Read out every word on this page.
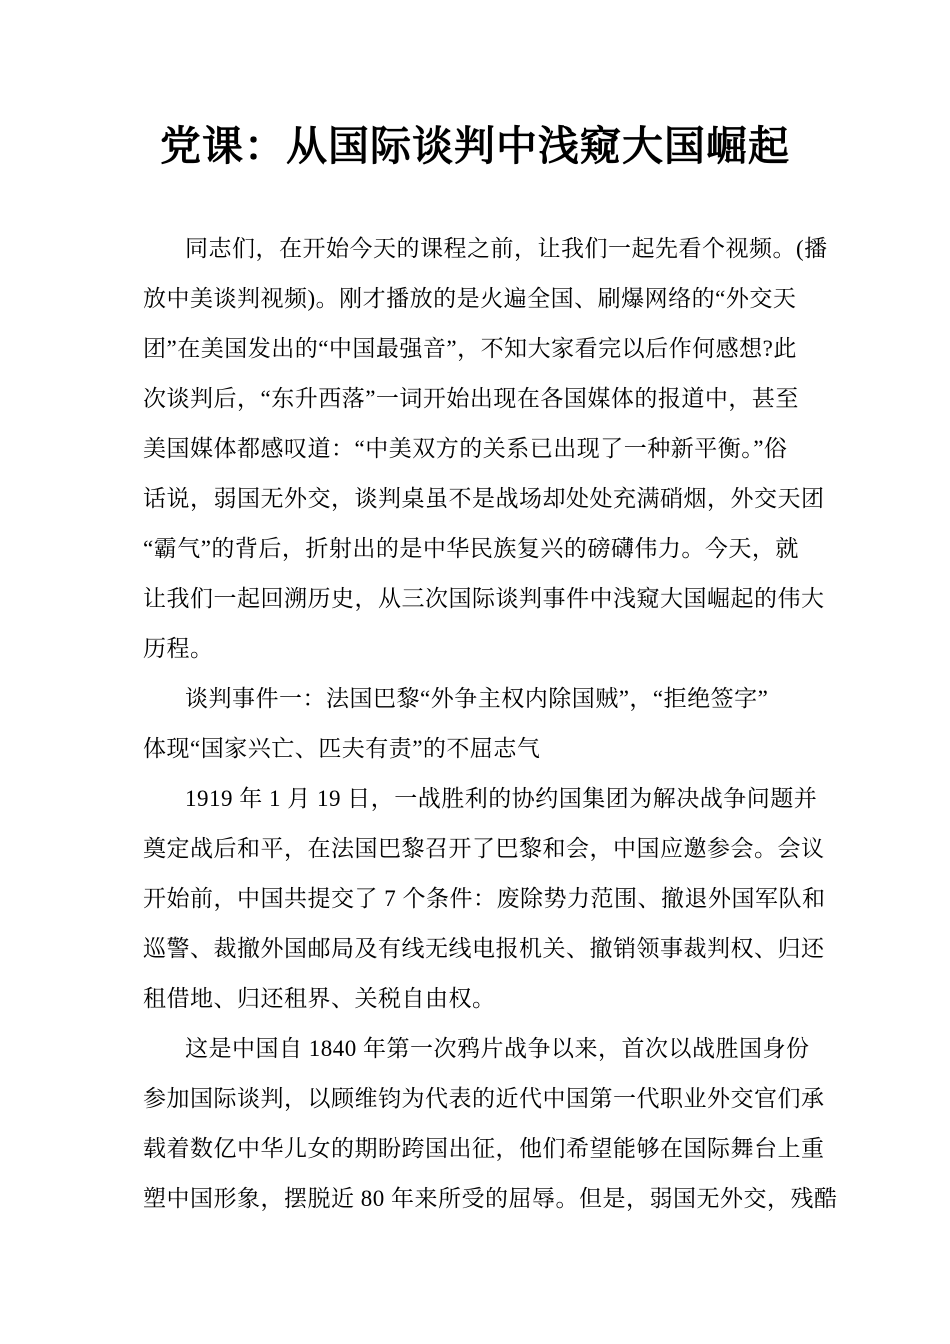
党课：从国际谈判中浅窥大国崛起
同志们，在开始今天的课程之前，让我们一起先看个视频。(播
放中美谈判视频)。刚才播放的是火遍全国、刷爆网络的“外交天
团”在美国发出的“中国最强音”，不知大家看完以后作何感想?此
次谈判后，“东升西落”一词开始出现在各国媒体的报道中，甚至
美国媒体都感叹道：“中美双方的关系已出现了一种新平衡。”俗
话说，弱国无外交，谈判桌虽不是战场却处处充满硝烟，外交天团
“霸气”的背后，折射出的是中华民族复兴的磅礴伟力。今天，就
让我们一起回溯历史，从三次国际谈判事件中浅窥大国崛起的伟大
历程。
谈判事件一：法国巴黎“外争主权内除国贼”，“拒绝签字”
体现“国家兴亡、匹夫有责”的不屈志气
1919 年 1 月 19 日，一战胜利的协约国集团为解决战争问题并
奠定战后和平，在法国巴黎召开了巴黎和会，中国应邀参会。会议
开始前，中国共提交了 7 个条件：废除势力范围、撤退外国军队和
巡警、裁撤外国邮局及有线无线电报机关、撤销领事裁判权、归还
租借地、归还租界、关税自由权。
这是中国自 1840 年第一次鸦片战争以来，首次以战胜国身份
参加国际谈判，以顾维钧为代表的近代中国第一代职业外交官们承
载着数亿中华儿女的期盼跨国出征，他们希望能够在国际舞台上重
塑中国形象，摆脱近 80 年来所受的屈辱。但是，弱国无外交，残酷
